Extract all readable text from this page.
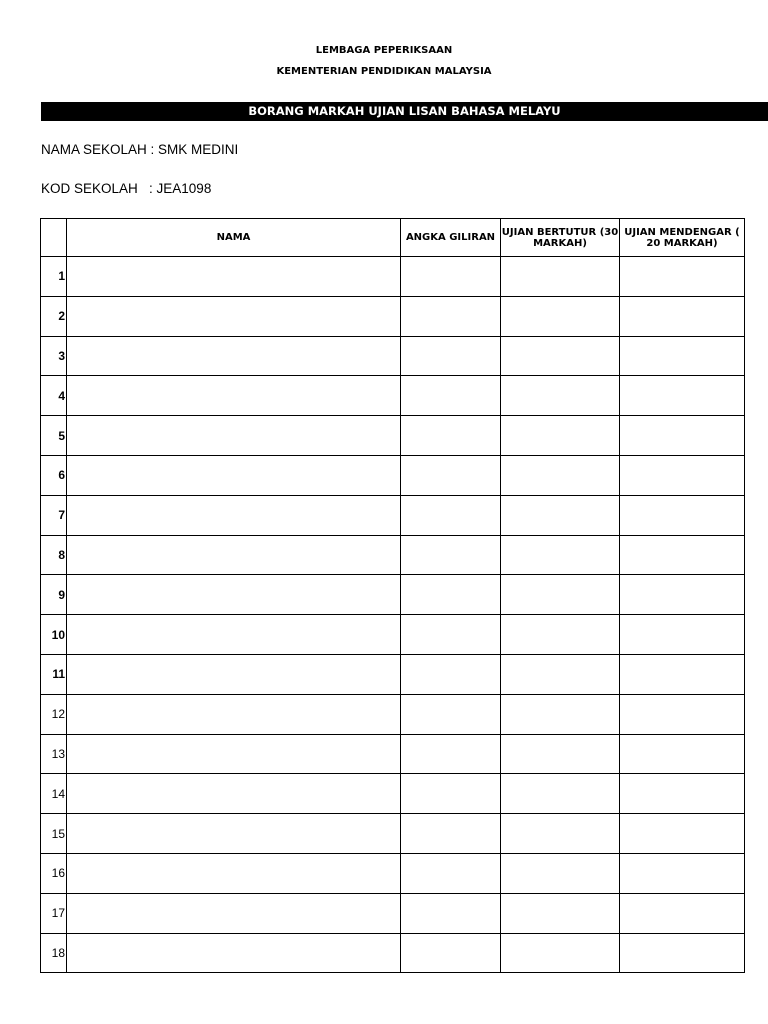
LEMBAGA PEPERIKSAAN
KEMENTERIAN PENDIDIKAN MALAYSIA
BORANG MARKAH UJIAN LISAN BAHASA MELAYU
NAMA SEKOLAH : SMK MEDINI
KOD SEKOLAH   : JEA1098
	NAMA	ANGKA GILIRAN	UJIAN BERTUTUR (30 MARKAH)	UJIAN MENDENGAR ( 20 MARKAH)
1				
2				
3				
4				
5				
6				
7				
8				
9				
10				
11				
12				
13				
14				
15				
16				
17				
18				
